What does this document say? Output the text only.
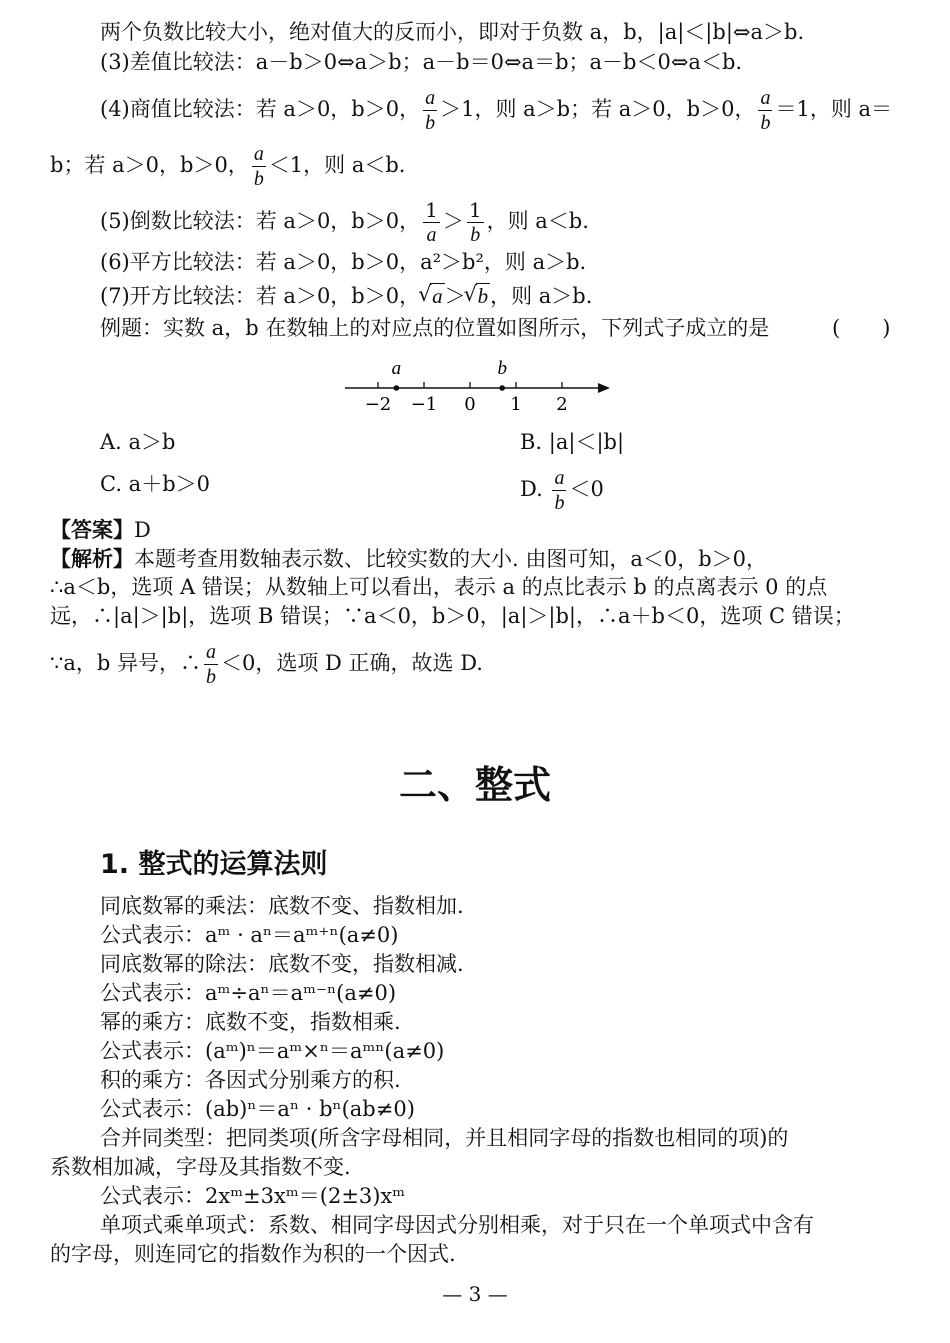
两个负数比较大小，绝对值大的反而小，即对于负数 a，b，|a|＜|b|⇔a＞b.
(3)差值比较法：a－b＞0⇔a＞b；a－b＝0⇔a＝b；a－b＜0⇔a＜b.
(4)商值比较法：若 a＞0，b＞0， $\frac{a}{b} >1$，则 a＞b；若 a＞0，b＞0， $\frac{a}{b} =1$，则 a＝
b；若 a＞0，b＞0， $\frac{a}{b} <1$，则 a＜b.
(5)倒数比较法：若 a＞0，b＞0， $\frac{1}{a} > \frac{1}{b}$ ，则 a＜b.
(6)平方比较法：若 a＞0，b＞0，a²＞b²，则 a＞b.
(7)开方比较法：若 a＞0，b＞0， √ a＞ √ b，则 a＞b.
例题：实数 a，b 在数轴上的对应点的位置如图所示，下列式子成立的是	(　　)
−2 −1 0 1 2
a	b
A. a＞b	B. |a|＜|b|
C. a＋b＞0	D. $\frac{a}{b} <0$
【答案】D
【解析】本题考查用数轴表示数、比较实数的大小. 由图可知，a＜0，b＞0，
∴a＜b，选项 A 错误；从数轴上可以看出，表示 a 的点比表示 b 的点离表示 0 的点
远，∴|a|＞|b|，选项 B 错误；∵a＜0，b＞0，|a|＞|b|，∴a＋b＜0，选项 C 错误；
∵a，b 异号，∴ $\frac{a}{b} <0$，选项 D 正确，故选 D.
二、整式
1. 整式的运算法则
同底数幂的乘法：底数不变、指数相加.
公式表示：aᵐ · aⁿ＝aᵐ⁺ⁿ(a≠0)
同底数幂的除法：底数不变，指数相减.
公式表示：aᵐ÷aⁿ＝aᵐ⁻ⁿ(a≠0)
幂的乘方：底数不变，指数相乘.
公式表示：(aᵐ)ⁿ＝aᵐ×ⁿ＝aᵐⁿ(a≠0)
积的乘方：各因式分别乘方的积.
公式表示：(ab)ⁿ＝aⁿ · bⁿ(ab≠0)
合并同类型：把同类项(所含字母相同，并且相同字母的指数也相同的项)的
系数相加减，字母及其指数不变.
公式表示：2xᵐ±3xᵐ＝(2±3)xᵐ
单项式乘单项式：系数、相同字母因式分别相乘，对于只在一个单项式中含有
的字母，则连同它的指数作为积的一个因式.
— 3 —
